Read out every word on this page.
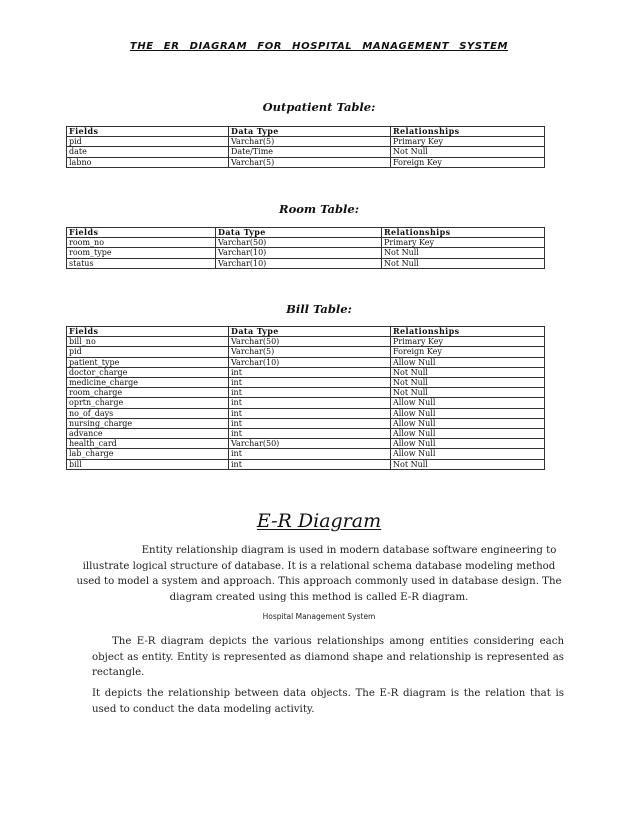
THE ER DIAGRAM FOR HOSPITAL MANAGEMENT SYSTEM
Outpatient Table:
Fields	Data Type	Relationships
pid	Varchar(5)	Primary Key
date	Date/Time	Not Null
labno	Varchar(5)	Foreign Key
Room Table:
Fields	Data Type	Relationships
room_no	Varchar(50)	Primary Key
room_type	Varchar(10)	Not Null
status	Varchar(10)	Not Null
Bill Table:
Fields	Data Type	Relationships
bill_no	Varchar(50)	Primary Key
pid	Varchar(5)	Foreign Key
patient_type	Varchar(10)	Allow Null
doctor_charge	int	Not Null
medicine_charge	int	Not Null
room_charge	int	Not Null
oprtn_charge	int	Allow Null
no_of_days	int	Allow Null
nursing_charge	int	Allow Null
advance	int	Allow Null
health_card	Varchar(50)	Allow Null
lab_charge	int	Allow Null
bill	int	Not Null
E-R Diagram
Entity relationship diagram is used in modern database software engineering to illustrate logical structure of database. It is a relational schema database modeling method used to model a system and approach. This approach commonly used in database design. The diagram created using this method is called E-R diagram.
Hospital Management System
The E-R diagram depicts the various relationships among entities considering each object as entity. Entity is represented as diamond shape and relationship is represented as rectangle.
It depicts the relationship between data objects. The E-R diagram is the relation that is used to conduct the data modeling activity.
